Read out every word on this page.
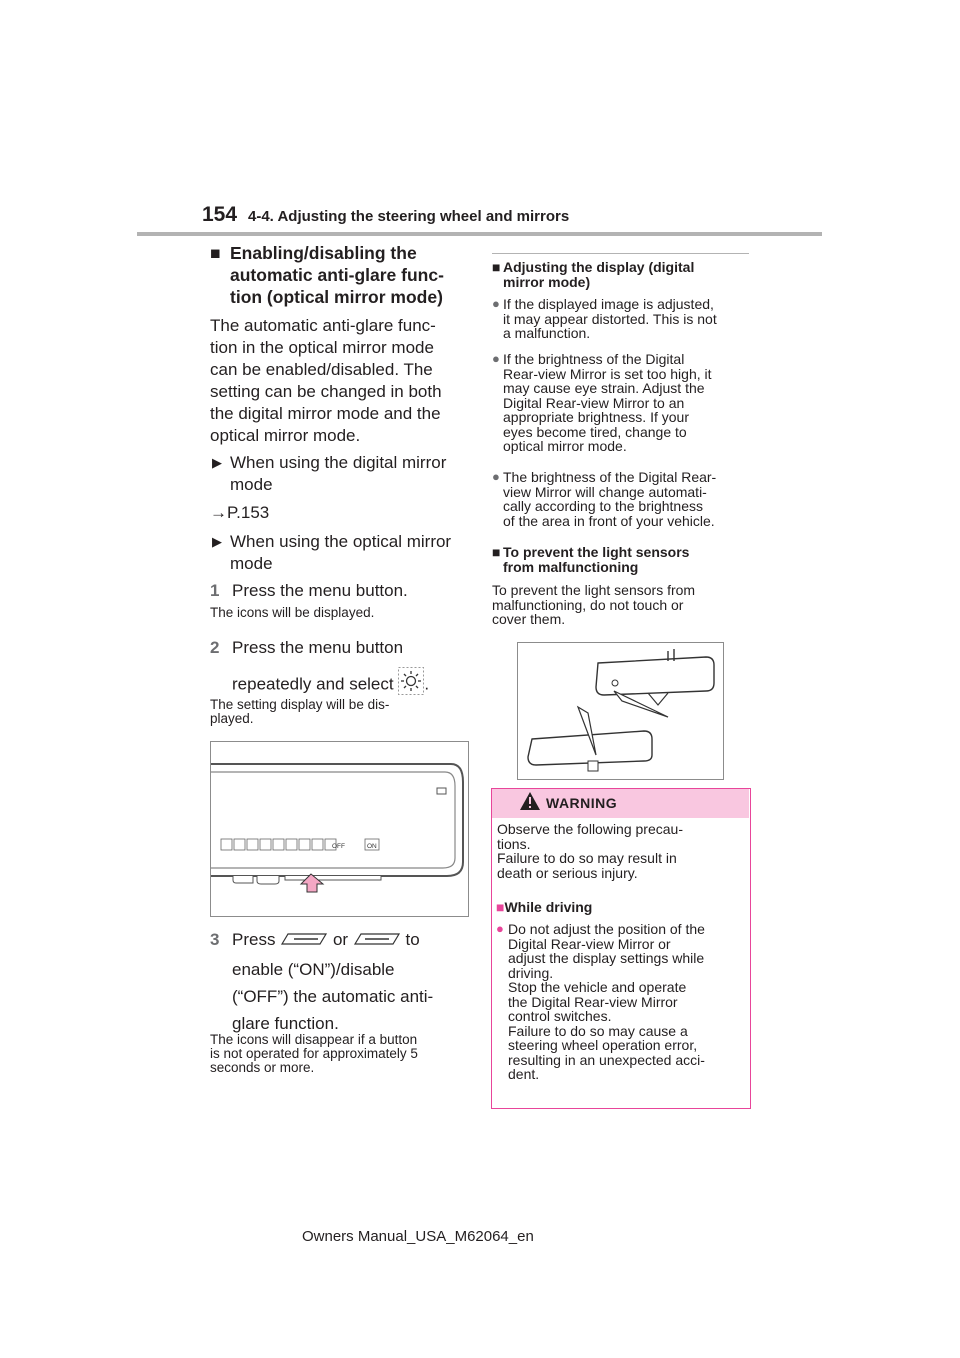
154 4-4. Adjusting the steering wheel and mirrors
■ Enabling/disabling the
automatic anti-glare func-
tion (optical mirror mode)
The automatic anti-glare func-
tion in the optical mirror mode
can be enabled/disabled. The
setting can be changed in both
the digital mirror mode and the
optical mirror mode.
▶ When using the digital mirror
mode
→P.153
▶ When using the optical mirror
mode
1 Press the menu button.
The icons will be displayed.
2 Press the menu button
repeatedly and select .
The setting display will be dis-
played.
OFF	ON
3 Press	or	to
enable (“ON”)/disable
(“OFF”) the automatic anti-
glare function.
The icons will disappear if a button
is not operated for approximately 5
seconds or more.
■ Adjusting the display (digital
mirror mode)
● If the displayed image is adjusted,
it may appear distorted. This is not
a malfunction.
● If the brightness of the Digital
Rear-view Mirror is set too high, it
may cause eye strain. Adjust the
Digital Rear-view Mirror to an
appropriate brightness. If your
eyes become tired, change to
optical mirror mode.
● The brightness of the Digital Rear-
view Mirror will change automati-
cally according to the brightness
of the area in front of your vehicle.
■ To prevent the light sensors
from malfunctioning
To prevent the light sensors from
malfunctioning, do not touch or
cover them.
WARNING
Observe the following precau-
tions.
Failure to do so may result in
death or serious injury.
■While driving
● Do not adjust the position of the
Digital Rear-view Mirror or
adjust the display settings while
driving.
Stop the vehicle and operate
the Digital Rear-view Mirror
control switches.
Failure to do so may cause a
steering wheel operation error,
resulting in an unexpected acci-
dent.
Owners Manual_USA_M62064_en
